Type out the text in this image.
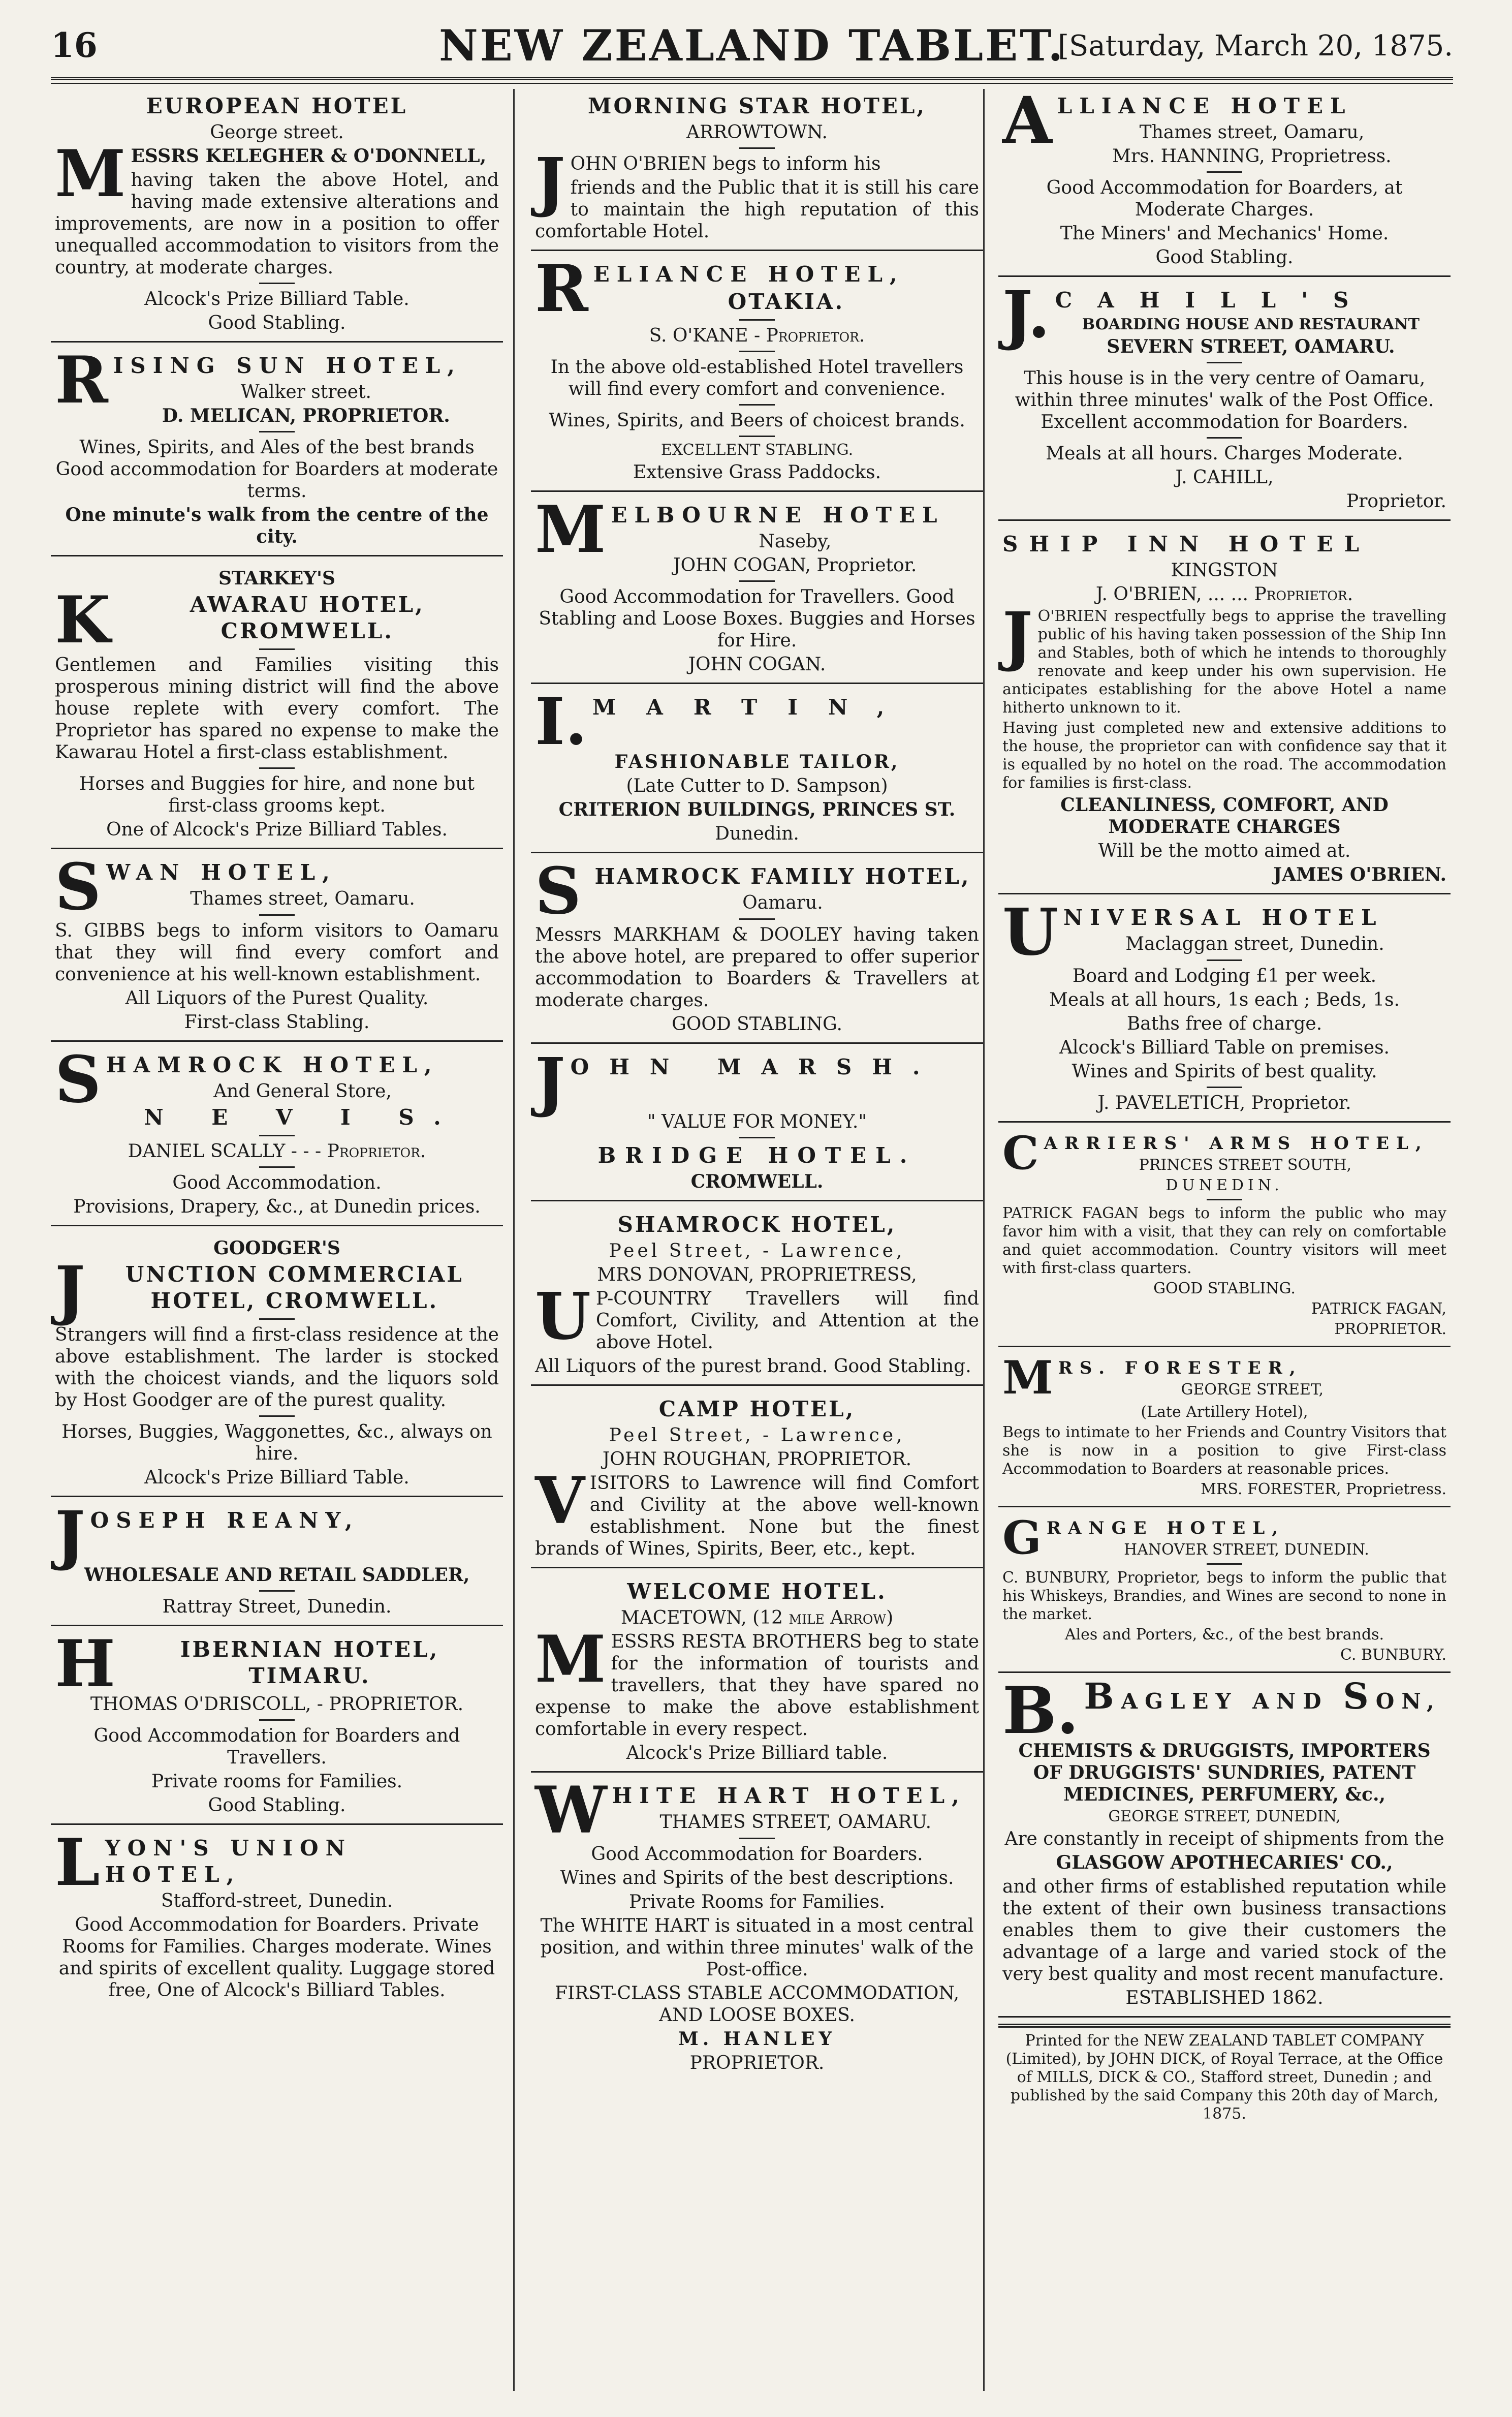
16	NEW ZEALAND TABLET.
[Saturday, March 20, 1875.
EUROPEAN HOTEL

George street.

M ESSRS KELEGHER & O'DONNELL,

having taken the above Hotel, and having made extensive alterations and improvements, are now in a position to offer unequalled accommodation to visitors from the country, at moderate charges.

Alcock's Prize Billiard Table.

Good Stabling.

R ISING SUN HOTEL,

Walker street.

D. MELICAN, PROPRIETOR.

Wines, Spirits, and Ales of the best brands Good accommodation for Boarders at moderate terms.

One minute's walk from the centre of the city.

STARKEY'S

K	AWARAU HOTEL, CROMWELL.

Gentlemen and Families visiting this prosperous mining district will find the above house replete with every comfort. The Proprietor has spared no expense to make the Kawarau Hotel a first-class establishment.

Horses and Buggies for hire, and none but first-class grooms kept.

One of Alcock's Prize Billiard Tables.

S WAN HOTEL,

Thames street, Oamaru.

S. GIBBS begs to inform visitors to Oamaru that they will find every comfort and convenience at his well-known establishment.

All Liquors of the Purest Quality.

First-class Stabling.

S HAMROCK HOTEL,

And General Store,

N E V I S.

DANIEL SCALLY - - - Proprietor.

Good Accommodation.

Provisions, Drapery, &c., at Dunedin prices.

GOODGER'S

J	UNCTION COMMERCIAL HOTEL, CROMWELL.

Strangers will find a first-class residence at the above establishment. The larder is stocked with the choicest viands, and the liquors sold by Host Goodger are of the purest quality.

Horses, Buggies, Waggonettes, &c., always on hire.

Alcock's Prize Billiard Table.

J OSEPH REANY,

WHOLESALE AND RETAIL SADDLER,

Rattray Street, Dunedin.

H	IBERNIAN HOTEL, TIMARU.

THOMAS O'DRISCOLL, - PROPRIETOR.

Good Accommodation for Boarders and Travellers.

Private rooms for Families.

Good Stabling.

L YON'S UNION HOTEL,

Stafford-street, Dunedin.

Good Accommodation for Boarders. Private Rooms for Families. Charges moderate. Wines and spirits of excellent quality. Luggage stored free, One of Alcock's Billiard Tables.

MORNING STAR HOTEL,

ARROWTOWN.

J OHN O'BRIEN begs to inform his

friends and the Public that it is still his care to maintain the high reputation of this comfortable Hotel.

R ELIANCE HOTEL,
OTAKIA.

S. O'KANE - Proprietor.

In the above old-established Hotel travellers will find every comfort and convenience.

Wines, Spirits, and Beers of choicest brands.

EXCELLENT STABLING.

Extensive Grass Paddocks.

M ELBOURNE HOTEL

Naseby,

JOHN COGAN, Proprietor.

Good Accommodation for Travellers. Good Stabling and Loose Boxes. Buggies and Horses for Hire.

JOHN COGAN.

I. MARTIN,

FASHIONABLE TAILOR,

(Late Cutter to D. Sampson)

CRITERION BUILDINGS, PRINCES ST.

Dunedin.

S HAMROCK FAMILY HOTEL,

Oamaru.

Messrs MARKHAM & DOOLEY having taken the above hotel, are prepared to offer superior accommodation to Boarders & Travellers at moderate charges.

GOOD STABLING.

J OHN MARSH.

" VALUE FOR MONEY."

BRIDGE HOTEL.

CROMWELL.

SHAMROCK HOTEL,

Peel Street, - Lawrence,

MRS DONOVAN, PROPRIETRESS,

U P-COUNTRY Travellers will find Comfort, Civility, and Attention at the above Hotel.

All Liquors of the purest brand. Good Stabling.

CAMP HOTEL,

Peel Street, - Lawrence,

JOHN ROUGHAN, PROPRIETOR.

V ISITORS to Lawrence will find Comfort and Civility at the above well-known establishment. None but the finest brands of Wines, Spirits, Beer, etc., kept.

WELCOME HOTEL.

MACETOWN, (12 mile Arrow)

M ESSRS RESTA BROTHERS beg to state for the information of tourists and travellers, that they have spared no expense to make the above establishment comfortable in every respect.

Alcock's Prize Billiard table.

W HITE HART HOTEL,

THAMES STREET, OAMARU.

Good Accommodation for Boarders.

Wines and Spirits of the best descriptions.

Private Rooms for Families.

The WHITE HART is situated in a most central position, and within three minutes' walk of the Post-office.

FIRST-CLASS STABLE ACCOMMODATION, AND LOOSE BOXES.

M. HANLEY

PROPRIETOR.

A LLIANCE HOTEL

Thames street, Oamaru,

Mrs. HANNING, Proprietress.

Good Accommodation for Boarders, at Moderate Charges.

The Miners' and Mechanics' Home.

Good Stabling.

J. CAHILL'S

BOARDING HOUSE AND RESTAURANT

SEVERN STREET, OAMARU.

This house is in the very centre of Oamaru, within three minutes' walk of the Post Office. Excellent accommodation for Boarders.

Meals at all hours. Charges Moderate.

J. CAHILL,

Proprietor.

SHIP INN HOTEL

KINGSTON

J. O'BRIEN, ... ... Proprietor.

J O'BRIEN respectfully begs to apprise the travelling public of his having taken possession of the Ship Inn and Stables, both of which he intends to thoroughly renovate and keep under his own supervision. He anticipates establishing for the above Hotel a name hitherto unknown to it.

Having just completed new and extensive additions to the house, the proprietor can with confidence say that it is equalled by no hotel on the road. The accommodation for families is first-class.

CLEANLINESS, COMFORT, AND MODERATE CHARGES

Will be the motto aimed at.

JAMES O'BRIEN.

U NIVERSAL HOTEL

Maclaggan street, Dunedin.

Board and Lodging £1 per week.

Meals at all hours, 1s each ; Beds, 1s.

Baths free of charge.

Alcock's Billiard Table on premises.

Wines and Spirits of best quality.

J. PAVELETICH, Proprietor.

C ARRIERS' ARMS HOTEL,

PRINCES STREET SOUTH,

DUNEDIN.

PATRICK FAGAN begs to inform the public who may favor him with a visit, that they can rely on comfortable and quiet accommodation. Country visitors will meet with first-class quarters.

GOOD STABLING.

PATRICK FAGAN,

PROPRIETOR.

M RS. FORESTER,

GEORGE STREET,

(Late Artillery Hotel),

Begs to intimate to her Friends and Country Visitors that she is now in a position to give First-class Accommodation to Boarders at reasonable prices.

MRS. FORESTER, Proprietress.

G RANGE HOTEL,

HANOVER STREET, DUNEDIN.

C. BUNBURY, Proprietor, begs to inform the public that his Whiskeys, Brandies, and Wines are second to none in the market.

Ales and Porters, &c., of the best brands.

C. BUNBURY.

B. BAGLEY AND SON,

CHEMISTS & DRUGGISTS, IMPORTERS OF DRUGGISTS' SUNDRIES, PATENT MEDICINES, PERFUMERY, &c.,

GEORGE STREET, DUNEDIN,

Are constantly in receipt of shipments from the

GLASGOW APOTHECARIES' CO.,

and other firms of established reputation while the extent of their own business transactions enables them to give their customers the advantage of a large and varied stock of the very best quality and most recent manufacture.

ESTABLISHED 1862.

Printed for the NEW ZEALAND TABLET COMPANY (Limited), by JOHN DICK, of Royal Terrace, at the Office of MILLS, DICK & CO., Stafford street, Dunedin ; and published by the said Company this 20th day of March, 1875.
